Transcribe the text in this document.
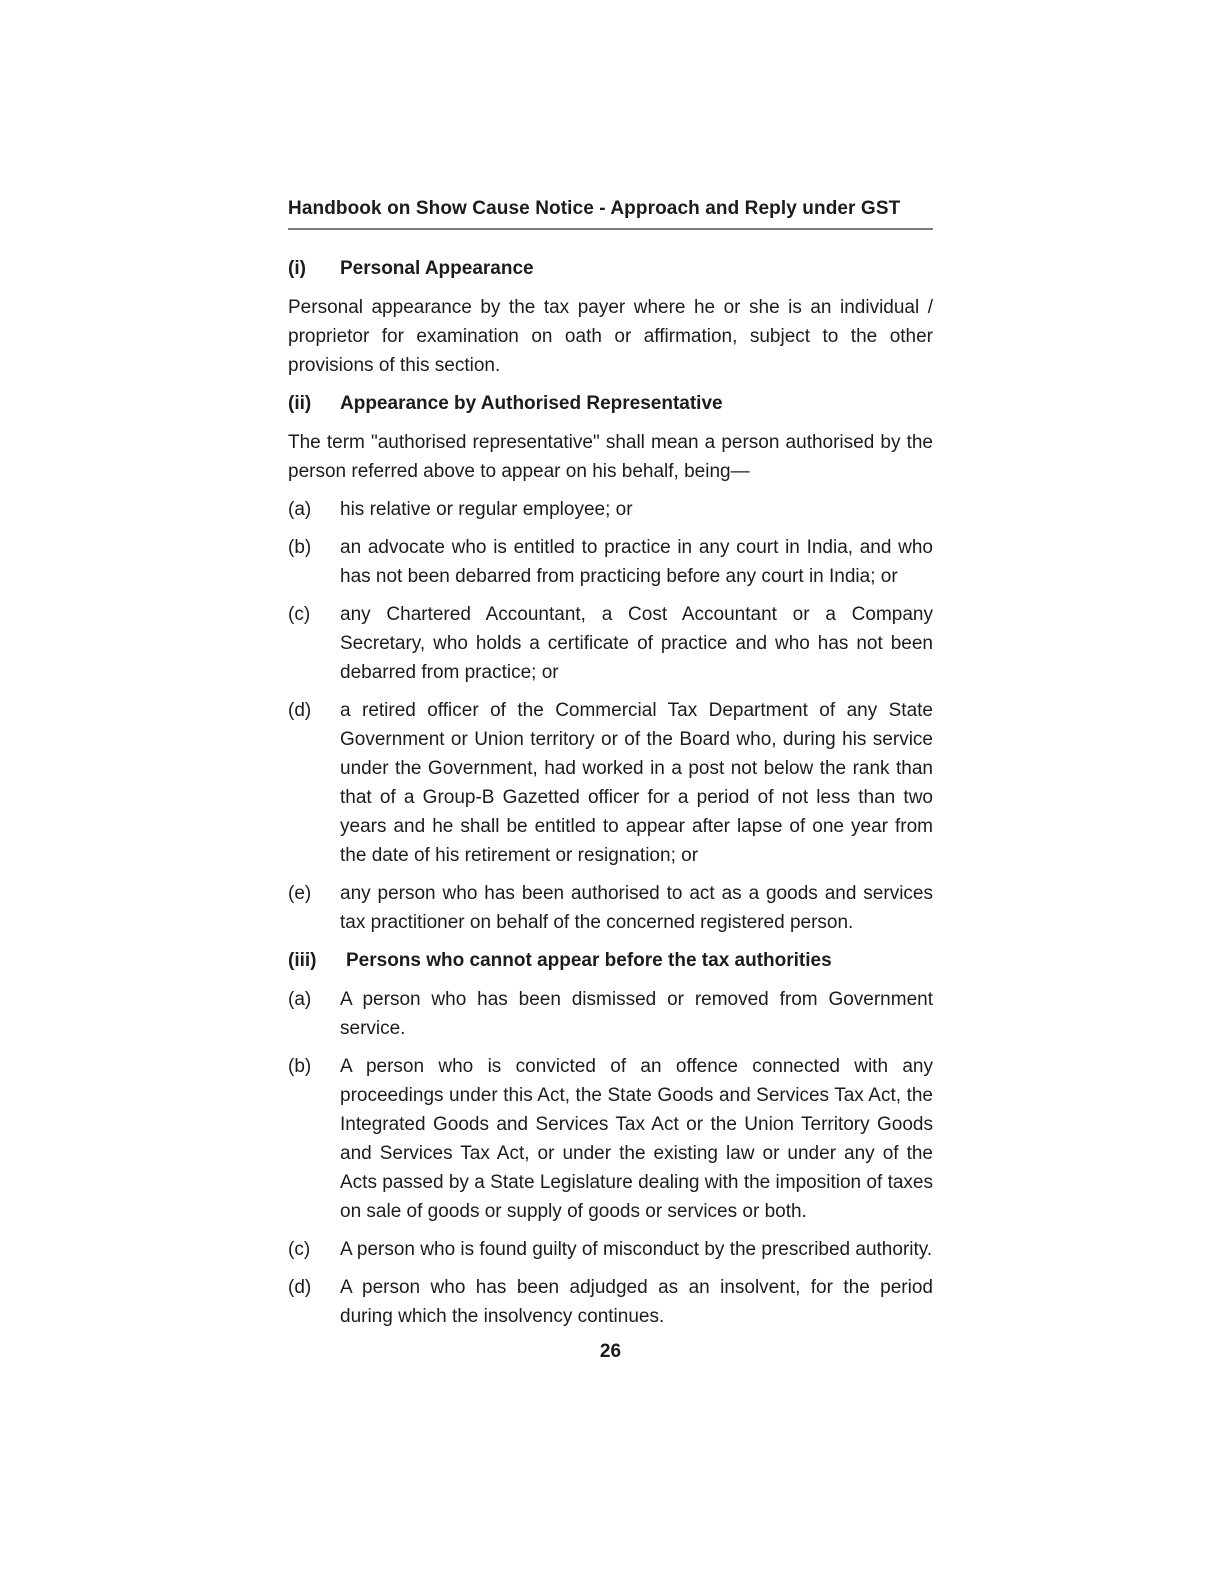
Handbook on Show Cause Notice - Approach and Reply under GST
(i) Personal Appearance

Personal appearance by the tax payer where he or she is an individual / proprietor for examination on oath or affirmation, subject to the other provisions of this section.

(ii) Appearance by Authorised Representative

The term "authorised representative" shall mean a person authorised by the person referred above to appear on his behalf, being—

(a) his relative or regular employee; or
(b) an advocate who is entitled to practice in any court in India, and who has not been debarred from practicing before any court in India; or
(c) any Chartered Accountant, a Cost Accountant or a Company Secretary, who holds a certificate of practice and who has not been debarred from practice; or
(d) a retired officer of the Commercial Tax Department of any State Government or Union territory or of the Board who, during his service under the Government, had worked in a post not below the rank than that of a Group-B Gazetted officer for a period of not less than two years and he shall be entitled to appear after lapse of one year from the date of his retirement or resignation; or
(e) any person who has been authorised to act as a goods and services tax practitioner on behalf of the concerned registered person.
(iii) Persons who cannot appear before the tax authorities
(a) A person who has been dismissed or removed from Government service.
(b) A person who is convicted of an offence connected with any proceedings under this Act, the State Goods and Services Tax Act, the Integrated Goods and Services Tax Act or the Union Territory Goods and Services Tax Act, or under the existing law or under any of the Acts passed by a State Legislature dealing with the imposition of taxes on sale of goods or supply of goods or services or both.
(c) A person who is found guilty of misconduct by the prescribed authority.
(d) A person who has been adjudged as an insolvent, for the period during which the insolvency continues.
26
